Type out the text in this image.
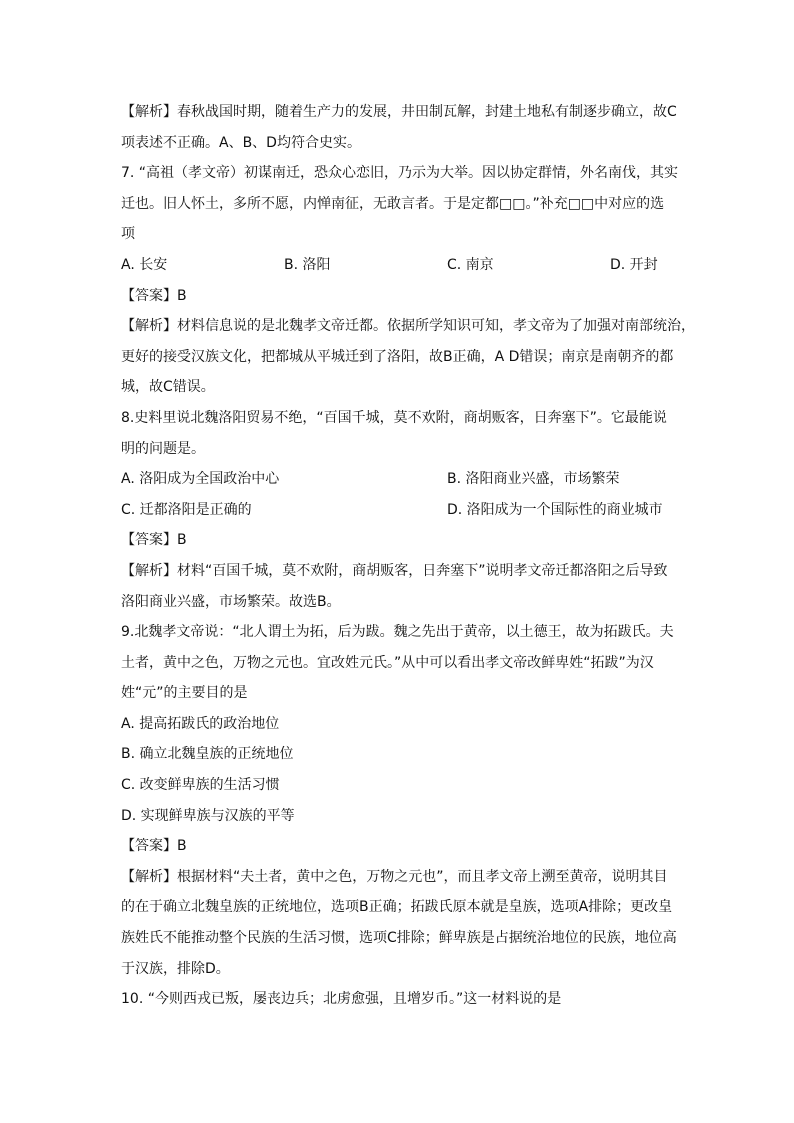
【解析】春秋战国时期，随着生产力的发展，井田制瓦解，封建土地私有制逐步确立，故C
项表述不正确。A、B、D均符合史实。
7. “高祖（孝文帝）初谋南迁，恐众心恋旧，乃示为大举。因以协定群情，外名南伐，其实
迁也。旧人怀土，多所不愿，内惮南征，无敢言者。于是定都□□。”补充□□中对应的选
项
A. 长安	B. 洛阳	C. 南京	D. 开封
【答案】B
【解析】材料信息说的是北魏孝文帝迁都。依据所学知识可知，孝文帝为了加强对南部统治，
更好的接受汉族文化，把都城从平城迁到了洛阳，故B正确，A D错误；南京是南朝齐的都
城，故C错误。
8.史料里说北魏洛阳贸易不绝，“百国千城，莫不欢附，商胡贩客，日奔塞下”。它最能说
明的问题是。
A. 洛阳成为全国政治中心	B. 洛阳商业兴盛，市场繁荣
C. 迁都洛阳是正确的	D. 洛阳成为一个国际性的商业城市
【答案】B
【解析】材料“百国千城，莫不欢附，商胡贩客，日奔塞下”说明孝文帝迁都洛阳之后导致
洛阳商业兴盛，市场繁荣。故选B。
9.北魏孝文帝说：“北人谓土为拓，后为跋。魏之先出于黄帝，以土德王，故为拓跋氏。夫
土者，黄中之色，万物之元也。宜改姓元氏。”从中可以看出孝文帝改鲜卑姓“拓跋”为汉
姓“元”的主要目的是
A. 提高拓跋氏的政治地位
B. 确立北魏皇族的正统地位
C. 改变鲜卑族的生活习惯
D. 实现鲜卑族与汉族的平等
【答案】B
【解析】根据材料“夫土者，黄中之色，万物之元也”，而且孝文帝上溯至黄帝，说明其目
的在于确立北魏皇族的正统地位，选项B正确；拓跋氏原本就是皇族，选项A排除；更改皇
族姓氏不能推动整个民族的生活习惯，选项C排除；鲜卑族是占据统治地位的民族，地位高
于汉族，排除D。
10. “今则西戎已叛，屡丧边兵；北虏愈强，且增岁币。”这一材料说的是
